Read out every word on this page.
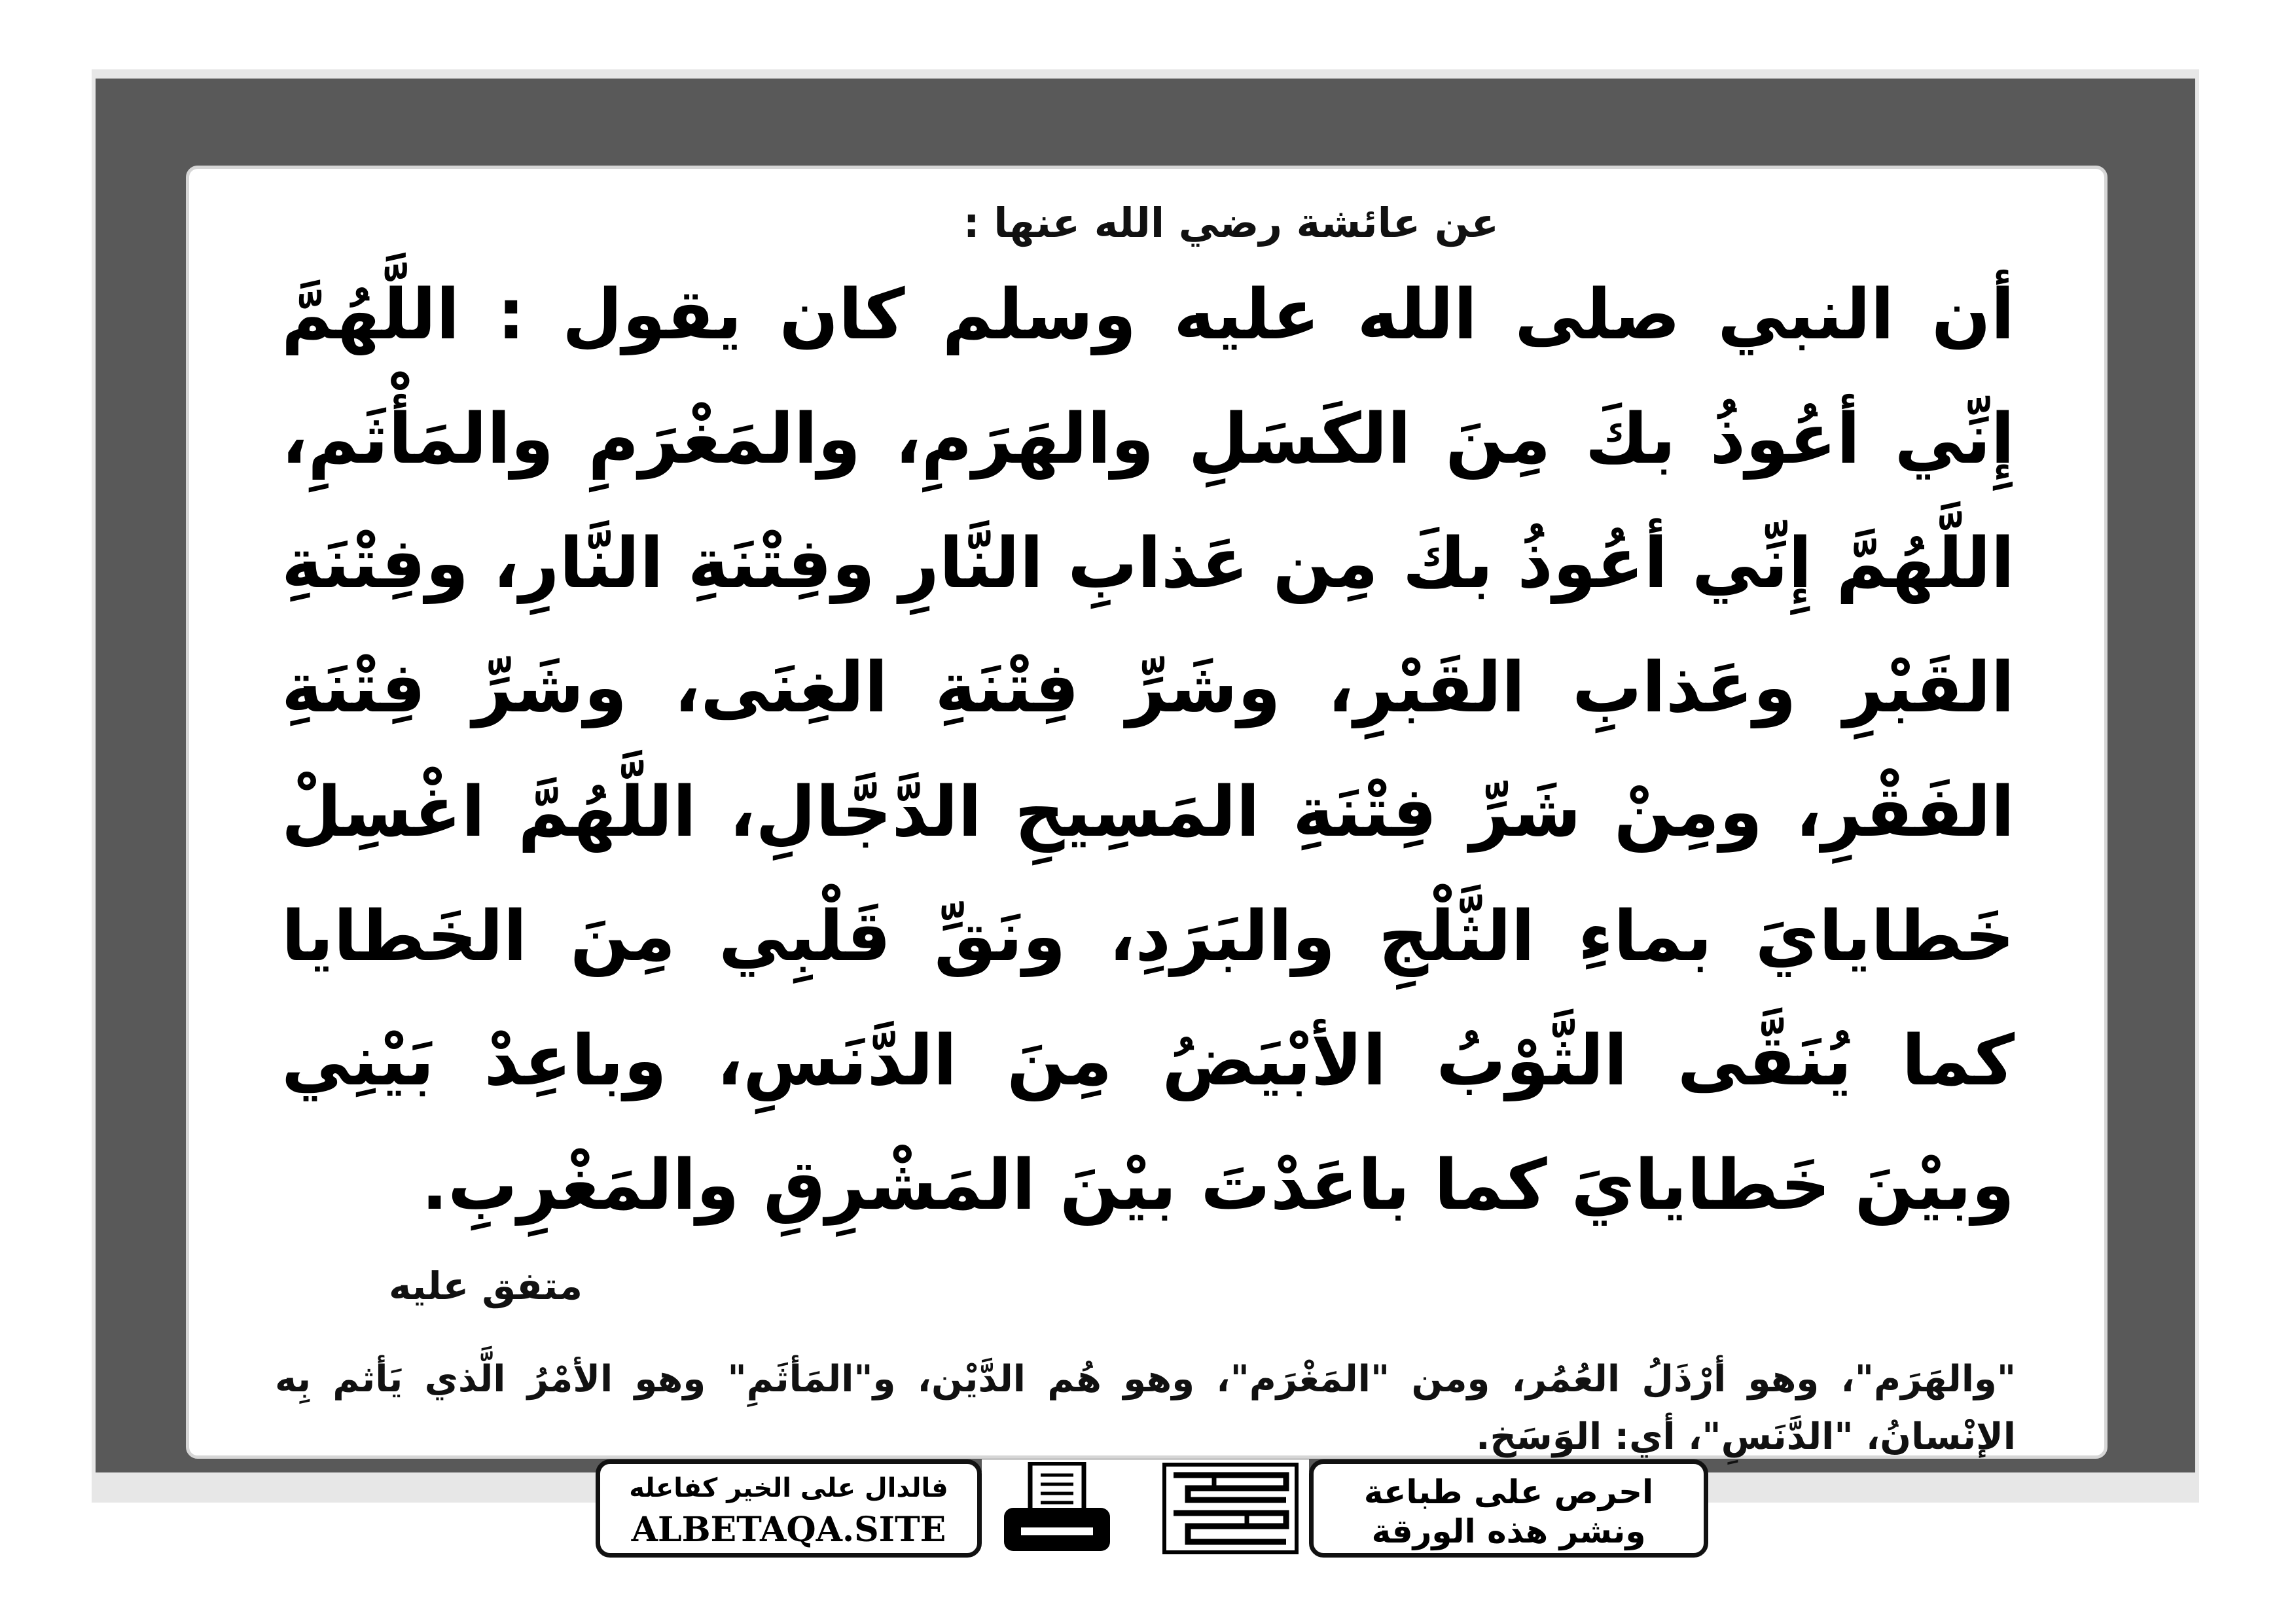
عن عائشة رضي الله عنها :

أن النبي صلى الله عليه وسلم كان يقول : اللَّهُمَّ إِنِّي أعُوذُ بكَ مِنَ الكَسَلِ والهَرَمِ، والمَغْرَمِ والمَأْثَمِ، اللَّهُمَّ إِنِّي أعُوذُ بكَ مِن عَذابِ النَّارِ وفِتْنَةِ النَّارِ، وفِتْنَةِ القَبْرِ وعَذابِ القَبْرِ، وشَرِّ فِتْنَةِ الغِنَى، وشَرِّ فِتْنَةِ الفَقْرِ، ومِنْ شَرِّ فِتْنَةِ المَسِيحِ الدَّجَّالِ، اللَّهُمَّ اغْسِلْ خَطايايَ بماءِ الثَّلْجِ والبَرَدِ، ونَقِّ قَلْبِي مِنَ الخَطايا كما يُنَقَّى الثَّوْبُ الأبْيَضُ مِنَ الدَّنَسِ، وباعِدْ بَيْنِي وبيْنَ خَطايايَ كما باعَدْتَ بيْنَ المَشْرِقِ والمَغْرِبِ.

متفق عليه

"والهَرَم"، وهو أرْذَلُ العُمُر، ومن "المَغْرَم"، وهو هُم الدَّيْن، و"المَأثَمِ" وهو الأمْرُ الَّذي يَأثم بِه الإنْسانُ، "الدَّنَسِ"، أي: الوَسَخ.

فالدال على الخير كفاعله
ALBETAQA.SITE
احرص على طباعة
ونشر هذه الورقة
